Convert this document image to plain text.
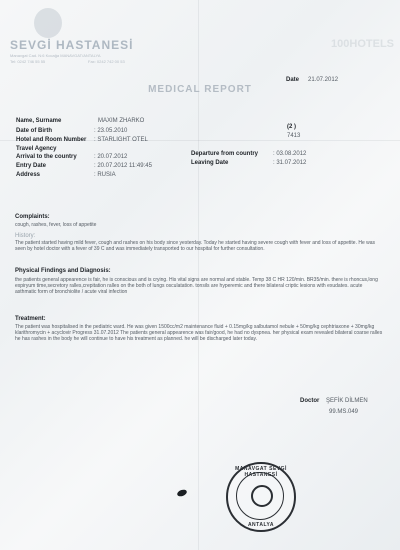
SEVGİ HASTANESİ
Manavgat Cad. N:6 Kocağa MANAVGAT/ANTALYA
Tel: 0242 746 55 55	Fax: 0242 742 00 53
100HOTELS
MEDICAL REPORT
Date 21.07.2012
Name, Surname	MAXIM ZHARKO
Date of Birth	: 23.05.2010
Hotel and Room Number : STARLIGHT OTEL
(2 )
7413
Travel Agency
Arrival to the country	: 20.07.2012
Entry Date	: 20.07.2012 11:49:45
Address	: RUSIA
Departure from country : 03.08.2012
Leaving Date	: 31.07.2012
Complaints:
cough, rashes, fever, loss of appetite
History:
The patient started having mild fever, cough and rashes on his body since yesterday. Today he started having severe cough with fever and loss of appetite. He was seen by hotel doctor with a fever of 39 C and was immediately transported to our hospital for further consultation.
Physical Findings and Diagnosis:
the patients general appearence is fair, he is conscious and is crying. His vital signs are normal and stable. Temp 38 C HR 120/min. BR35/min. there is rhoncus,long expiryum time,secretory ralles,crepitation ralles on the both of lungs osculatation. tonsils are hyperemic and there bilateral criptic lesions with exudates. acute asthmatic form of bronchiolite / acute viral infection
Treatment:
The patient was hospitalised in the pediatric ward. He was given 1500cc/m2 maintenance fluid + 0.15mg/kg salbutamol nebule + 50mg/kg cephtriaxone + 30mg/kg klarithromycin + acyclovir Progress 31.07.2012 The patients general appearence was fair/good, he had no dyspnea. her physical exam revealed bilateral coarse ralles he has rashes in the body he will continue to have his treatment as planned. he will be discharged later today.
Doctor ŞEFİK DİLMEN
99.MS.049
MANAVGAT SEVGİ HASTANESİ
ANTALYA
